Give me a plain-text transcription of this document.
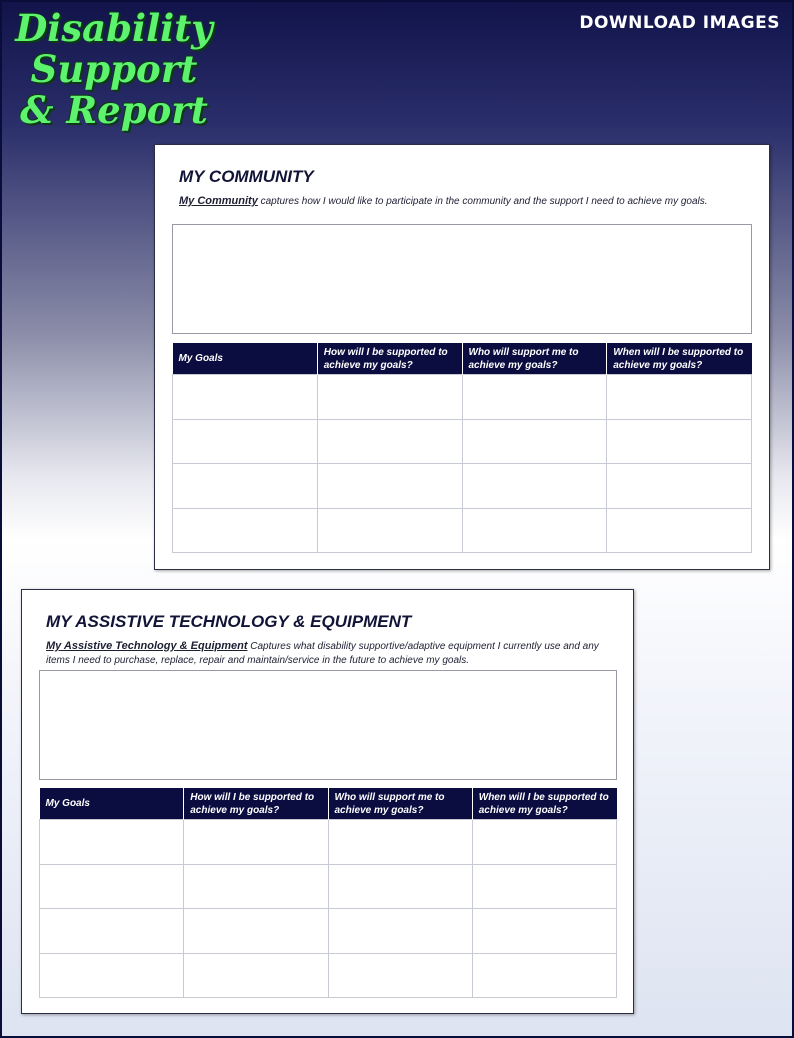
Disability
Support
& Report
DOWNLOAD IMAGES
MY COMMUNITY
My Community captures how I would like to participate in the community and the support I need to achieve my goals.
My Goals	How will I be supported to achieve my goals?	Who will support me to achieve my goals?	When will I be supported to achieve my goals?

MY ASSISTIVE TECHNOLOGY & EQUIPMENT
My Assistive Technology & Equipment Captures what disability supportive/adaptive equipment I currently use and any items I need to purchase, replace, repair and maintain/service in the future to achieve my goals.
My Goals	How will I be supported to achieve my goals?	Who will support me to achieve my goals?	When will I be supported to achieve my goals?
